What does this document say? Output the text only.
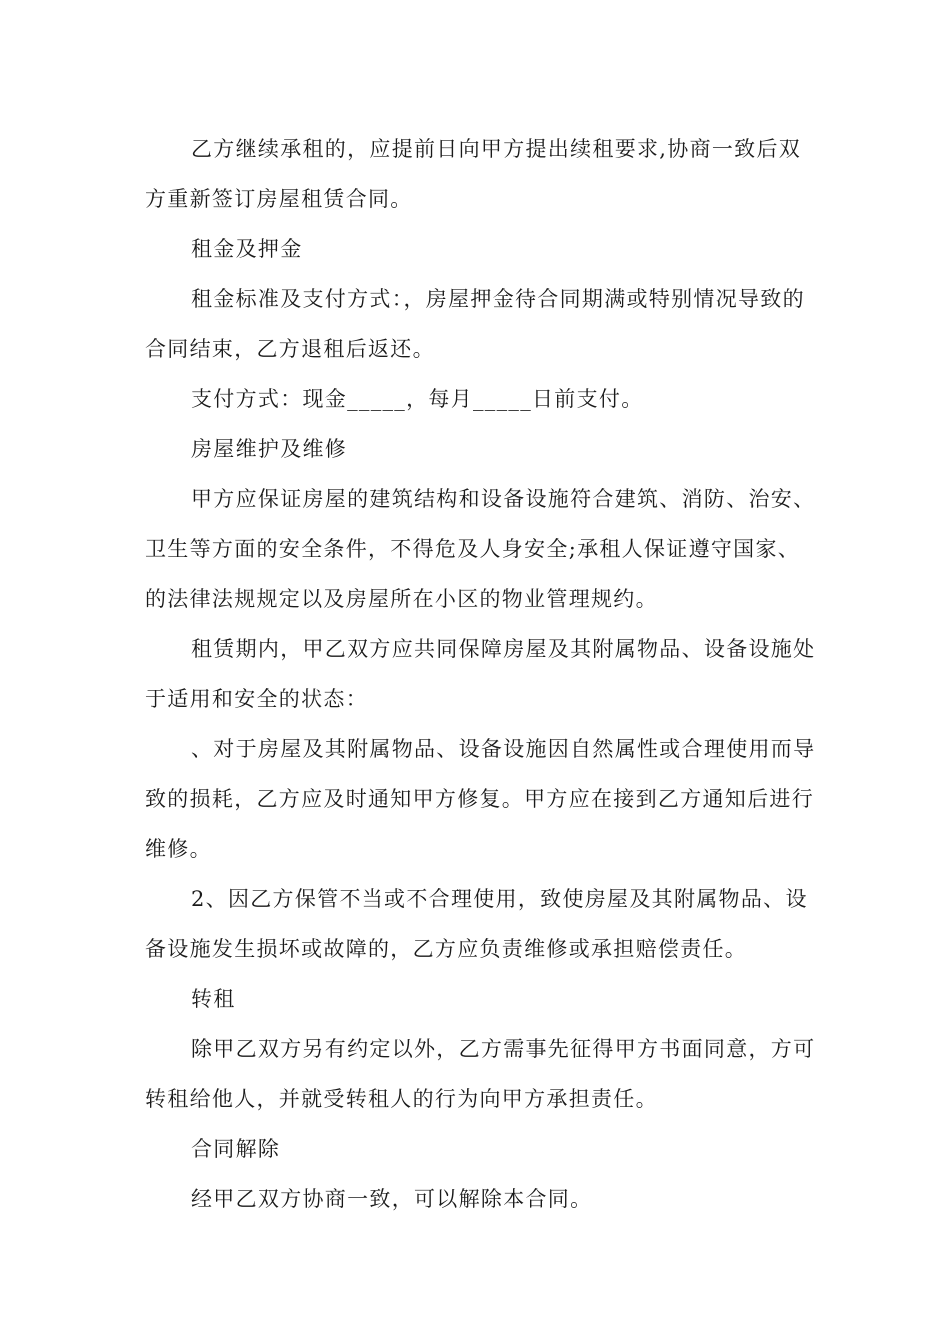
乙方继续承租的，应提前日向甲方提出续租要求,协商一致后双方重新签订房屋租赁合同。

租金及押金

租金标准及支付方式：，房屋押金待合同期满或特别情况导致的合同结束，乙方退租后返还。

支付方式：现金_____，每月_____日前支付。

房屋维护及维修

甲方应保证房屋的建筑结构和设备设施符合建筑、消防、治安、卫生等方面的安全条件，不得危及人身安全;承租人保证遵守国家、的法律法规规定以及房屋所在小区的物业管理规约。

租赁期内，甲乙双方应共同保障房屋及其附属物品、设备设施处于适用和安全的状态：

、对于房屋及其附属物品、设备设施因自然属性或合理使用而导致的损耗，乙方应及时通知甲方修复。甲方应在接到乙方通知后进行维修。

2、因乙方保管不当或不合理使用，致使房屋及其附属物品、设备设施发生损坏或故障的，乙方应负责维修或承担赔偿责任。

转租

除甲乙双方另有约定以外，乙方需事先征得甲方书面同意，方可转租给他人，并就受转租人的行为向甲方承担责任。

合同解除

经甲乙双方协商一致，可以解除本合同。
